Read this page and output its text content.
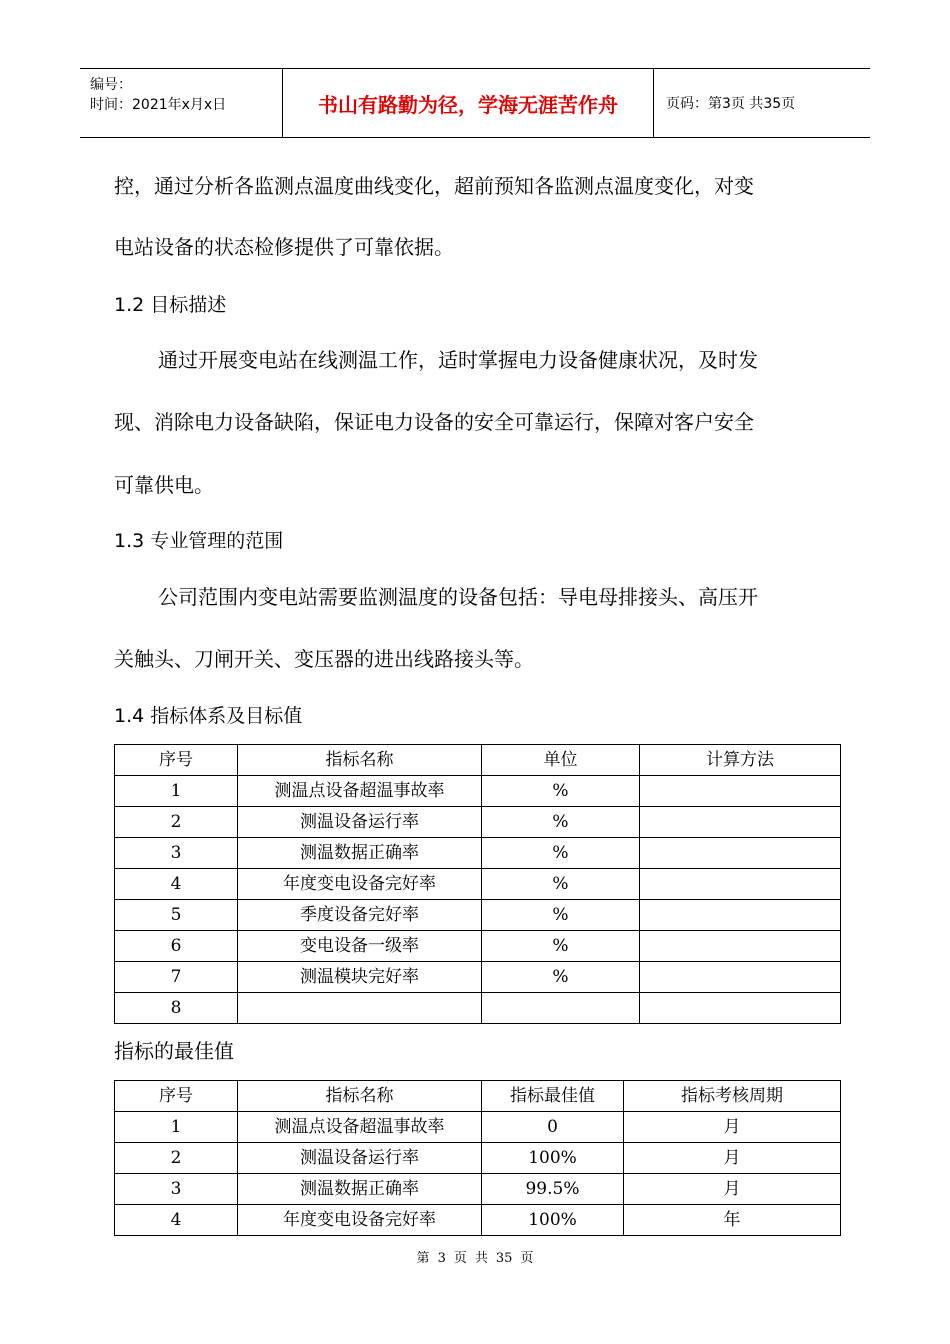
编号：
时间：2021年x月x日	书山有路勤为径，学海无涯苦作舟	页码：第3页 共35页
控，通过分析各监测点温度曲线变化，超前预知各监测点温度变化，对变
电站设备的状态检修提供了可靠依据。
1.2 目标描述
通过开展变电站在线测温工作，适时掌握电力设备健康状况，及时发
现、消除电力设备缺陷，保证电力设备的安全可靠运行，保障对客户安全
可靠供电。
1.3 专业管理的范围
公司范围内变电站需要监测温度的设备包括：导电母排接头、高压开
关触头、刀闸开关、变压器的进出线路接头等。
1.4 指标体系及目标值
序号	指标名称	单位	计算方法
1	测温点设备超温事故率	%	
2	测温设备运行率	%	
3	测温数据正确率	%	
4	年度变电设备完好率	%	
5	季度设备完好率	%	
6	变电设备一级率	%	
7	测温模块完好率	%	
8			
指标的最佳值
序号	指标名称	指标最佳值	指标考核周期
1	测温点设备超温事故率	0	月
2	测温设备运行率	100%	月
3	测温数据正确率	99.5%	月
4	年度变电设备完好率	100%	年
第 3 页 共 35 页
